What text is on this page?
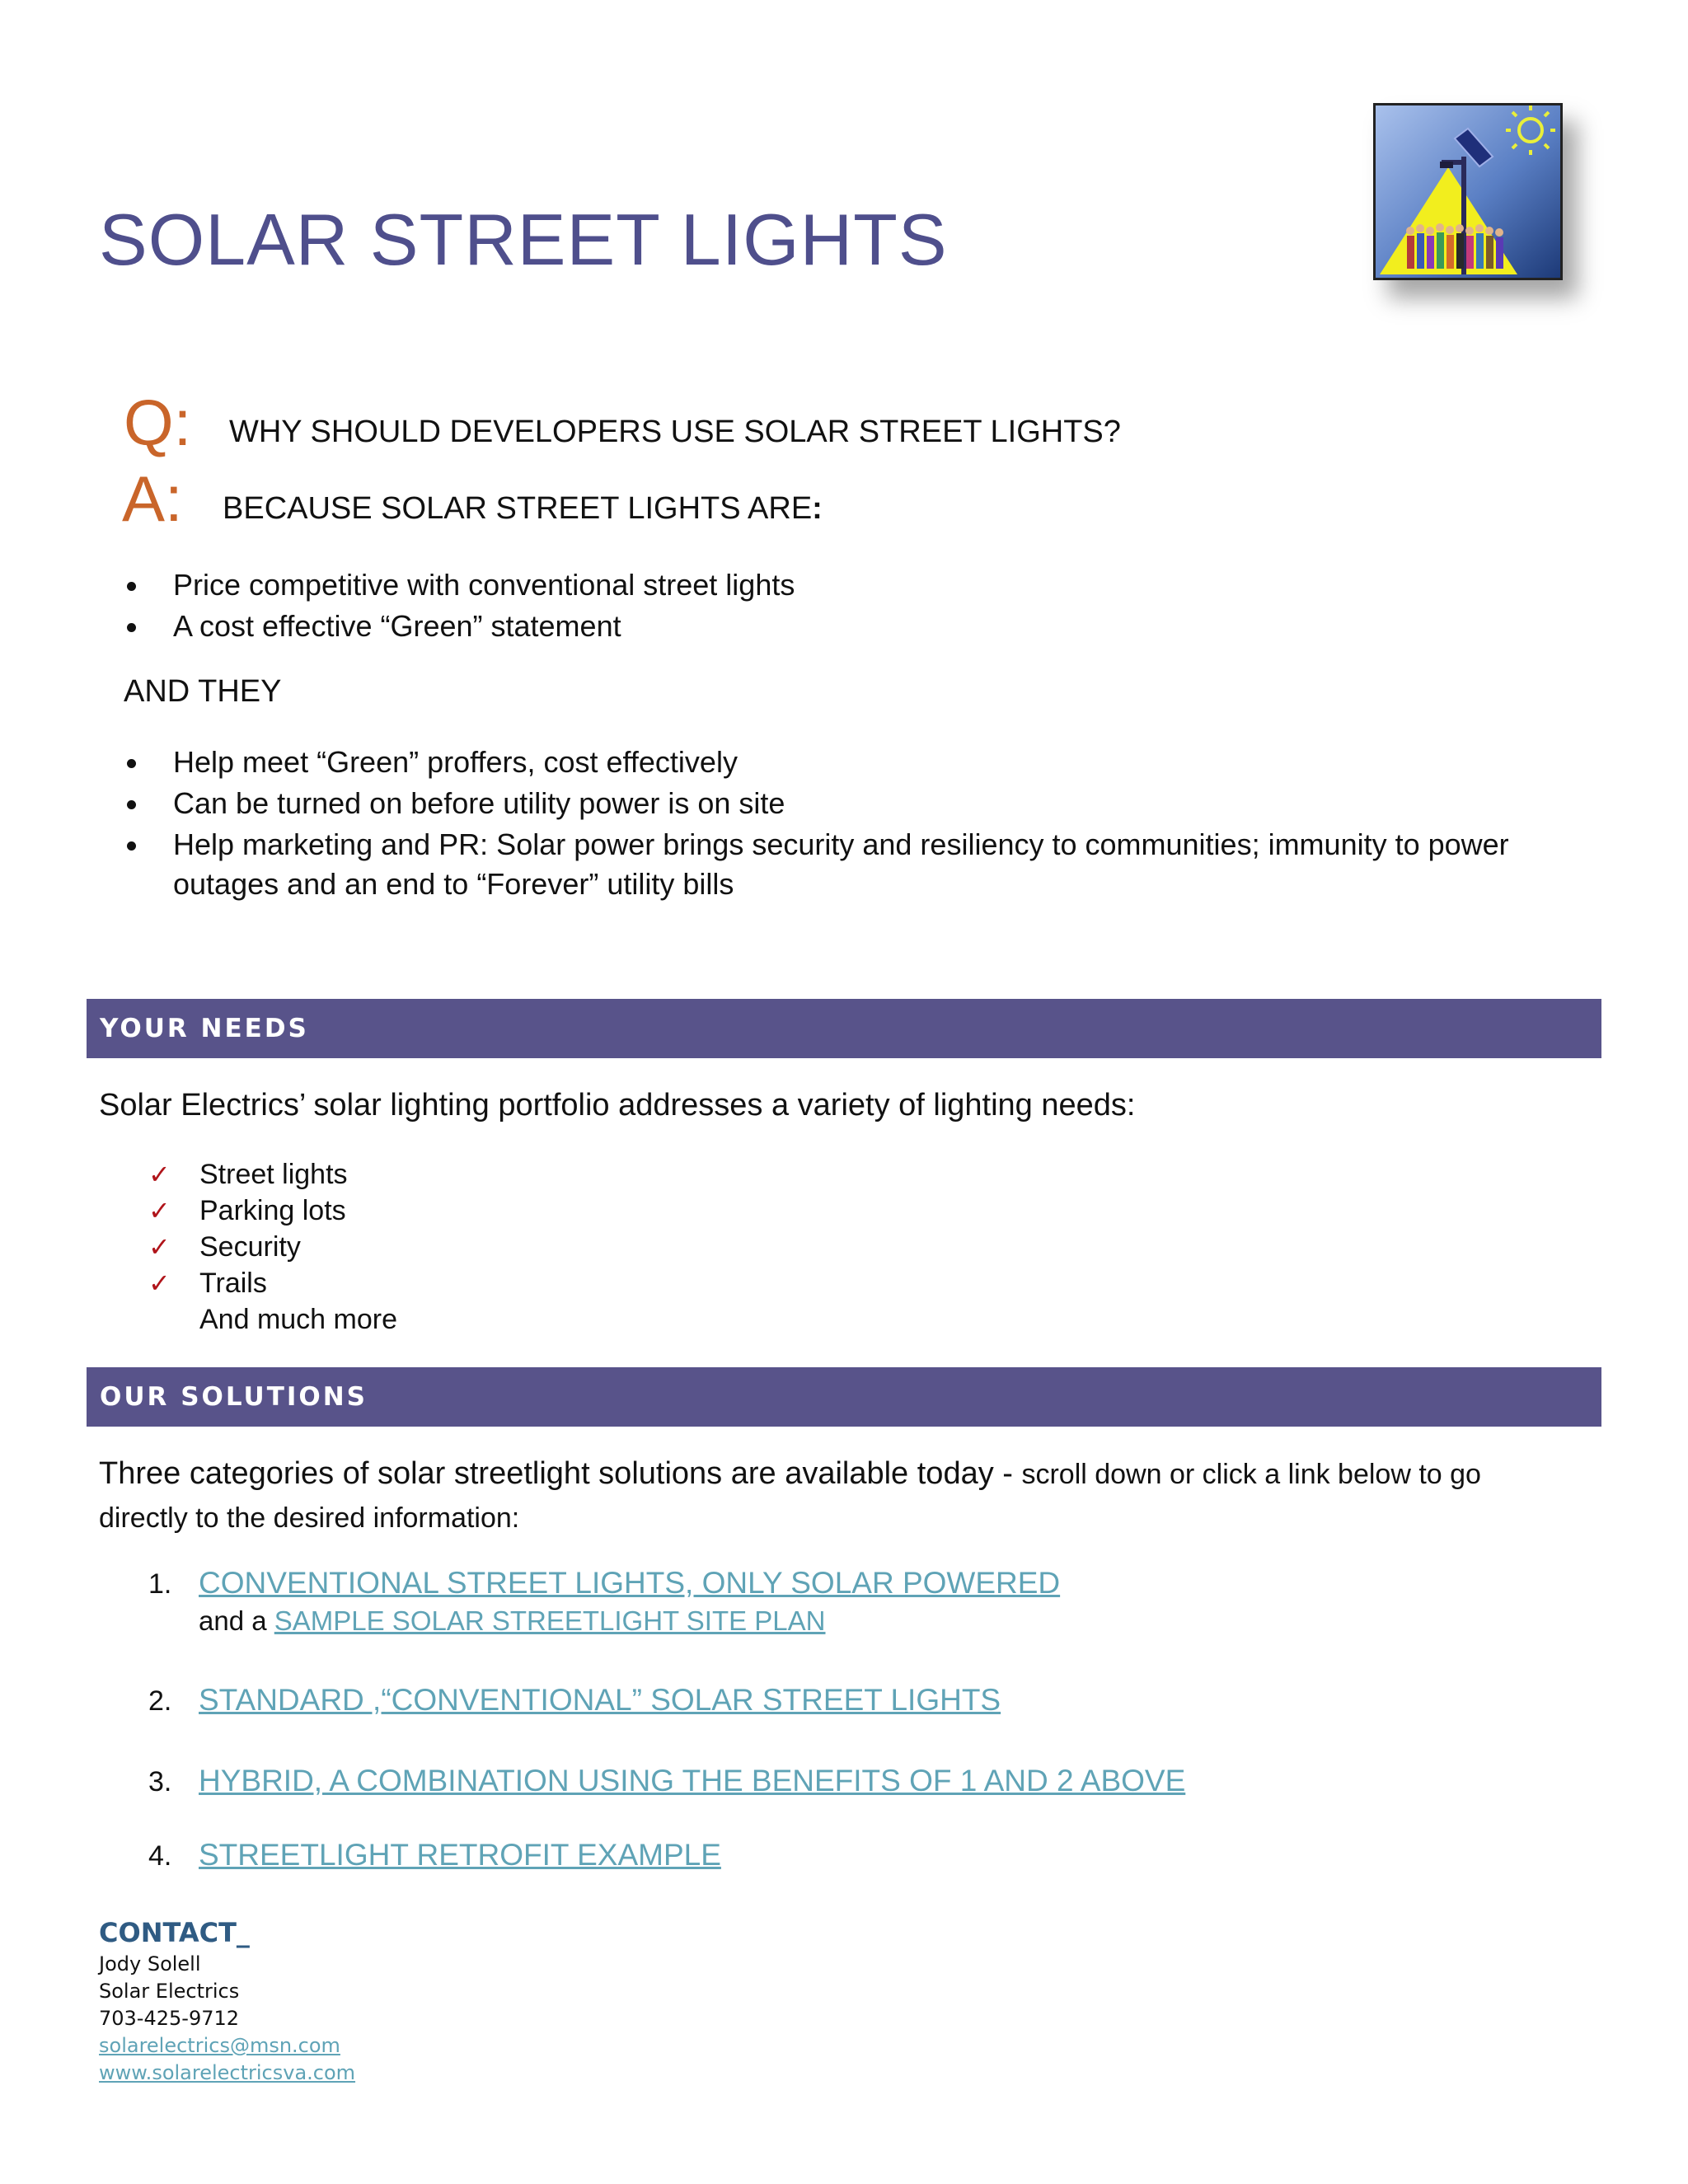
SOLAR STREET LIGHTS
Q: WHY SHOULD DEVELOPERS USE SOLAR STREET LIGHTS?
A: BECAUSE SOLAR STREET LIGHTS ARE:
Price competitive with conventional street lights
A cost effective “Green” statement
AND THEY
Help meet “Green” proffers, cost effectively
Can be turned on before utility power is on site
Help marketing and PR: Solar power brings security and resiliency to communities; immunity to power
outages and an end to “Forever” utility bills
YOUR NEEDS
Solar Electrics’ solar lighting portfolio addresses a variety of lighting needs:
✓ Street lights
✓ Parking lots
✓ Security
✓ Trails
And much more
OUR SOLUTIONS
Three categories of solar streetlight solutions are available today - scroll down or click a link below to go
directly to the desired information:
1. CONVENTIONAL STREET LIGHTS, ONLY SOLAR POWERED
and a SAMPLE SOLAR STREETLIGHT SITE PLAN
2. STANDARD ,“CONVENTIONAL” SOLAR STREET LIGHTS
3. HYBRID, A COMBINATION USING THE BENEFITS OF 1 AND 2 ABOVE
4. STREETLIGHT RETROFIT EXAMPLE
CONTACT_
Jody Solell
Solar Electrics
703-425-9712
solarelectrics@msn.com
www.solarelectricsva.com
